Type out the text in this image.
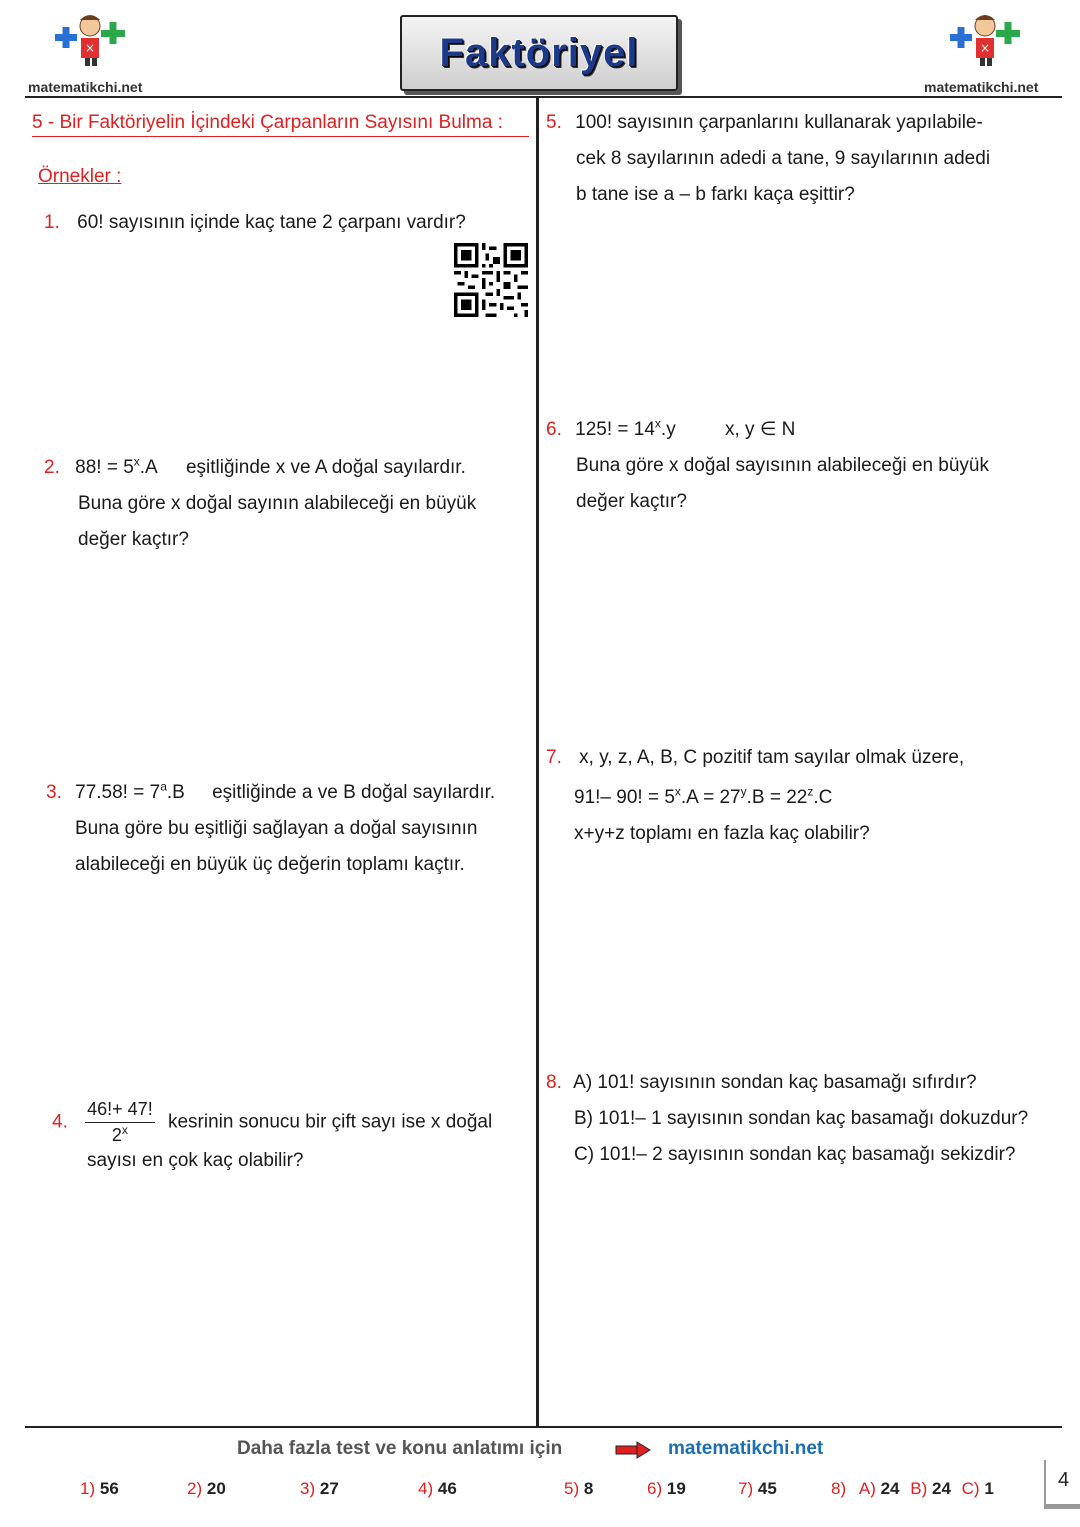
×
matematikchi.net
Faktöriyel	×
matematikchi.net
5 - Bir Faktöriyelin İçindeki Çarpanların Sayısını Bulma :
Örnekler :
1. 60! sayısının içinde kaç tane 2 çarpanı vardır?
2. 88! = $5^x.A$ eşitliğinde x ve A doğal sayılardır.
Buna göre x doğal sayının alabileceği en büyük
değer kaçtır?
3. 77.58! = $7^a.B$ eşitliğinde a ve B doğal sayılardır.
Buna göre bu eşitliği sağlayan a doğal sayısının
alabileceği en büyük üç değerin toplamı kaçtır.
4. $\frac{46!+ 47!}{2^x}$ kesrinin sonucu bir çift sayı ise x doğal
sayısı en çok kaç olabilir?
5. 100! sayısının çarpanlarını kullanarak yapılabile-
cek 8 sayılarının adedi a tane, 9 sayılarının adedi
b tane ise a – b farkı kaça eşittir?
6. 125! = $14^x.y$	x, y ∈ N
Buna göre x doğal sayısının alabileceği en büyük
değer kaçtır?
7. x, y, z, A, B, C pozitif tam sayılar olmak üzere,
91!– 90! = $5^x.A = 27^y.B = 22^z.C$
x+y+z toplamı en fazla kaç olabilir?
8. A) 101! sayısının sondan kaç basamağı sıfırdır?
B) 101!– 1 sayısının sondan kaç basamağı dokuzdur?
C) 101!– 2 sayısının sondan kaç basamağı sekizdir?
Daha fazla test ve konu anlatımı için	matematikchi.net
1) 56	2) 20	3) 27	4) 46	5) 8	6) 19	7) 45	8) A) 24 B) 24 C) 1	4
